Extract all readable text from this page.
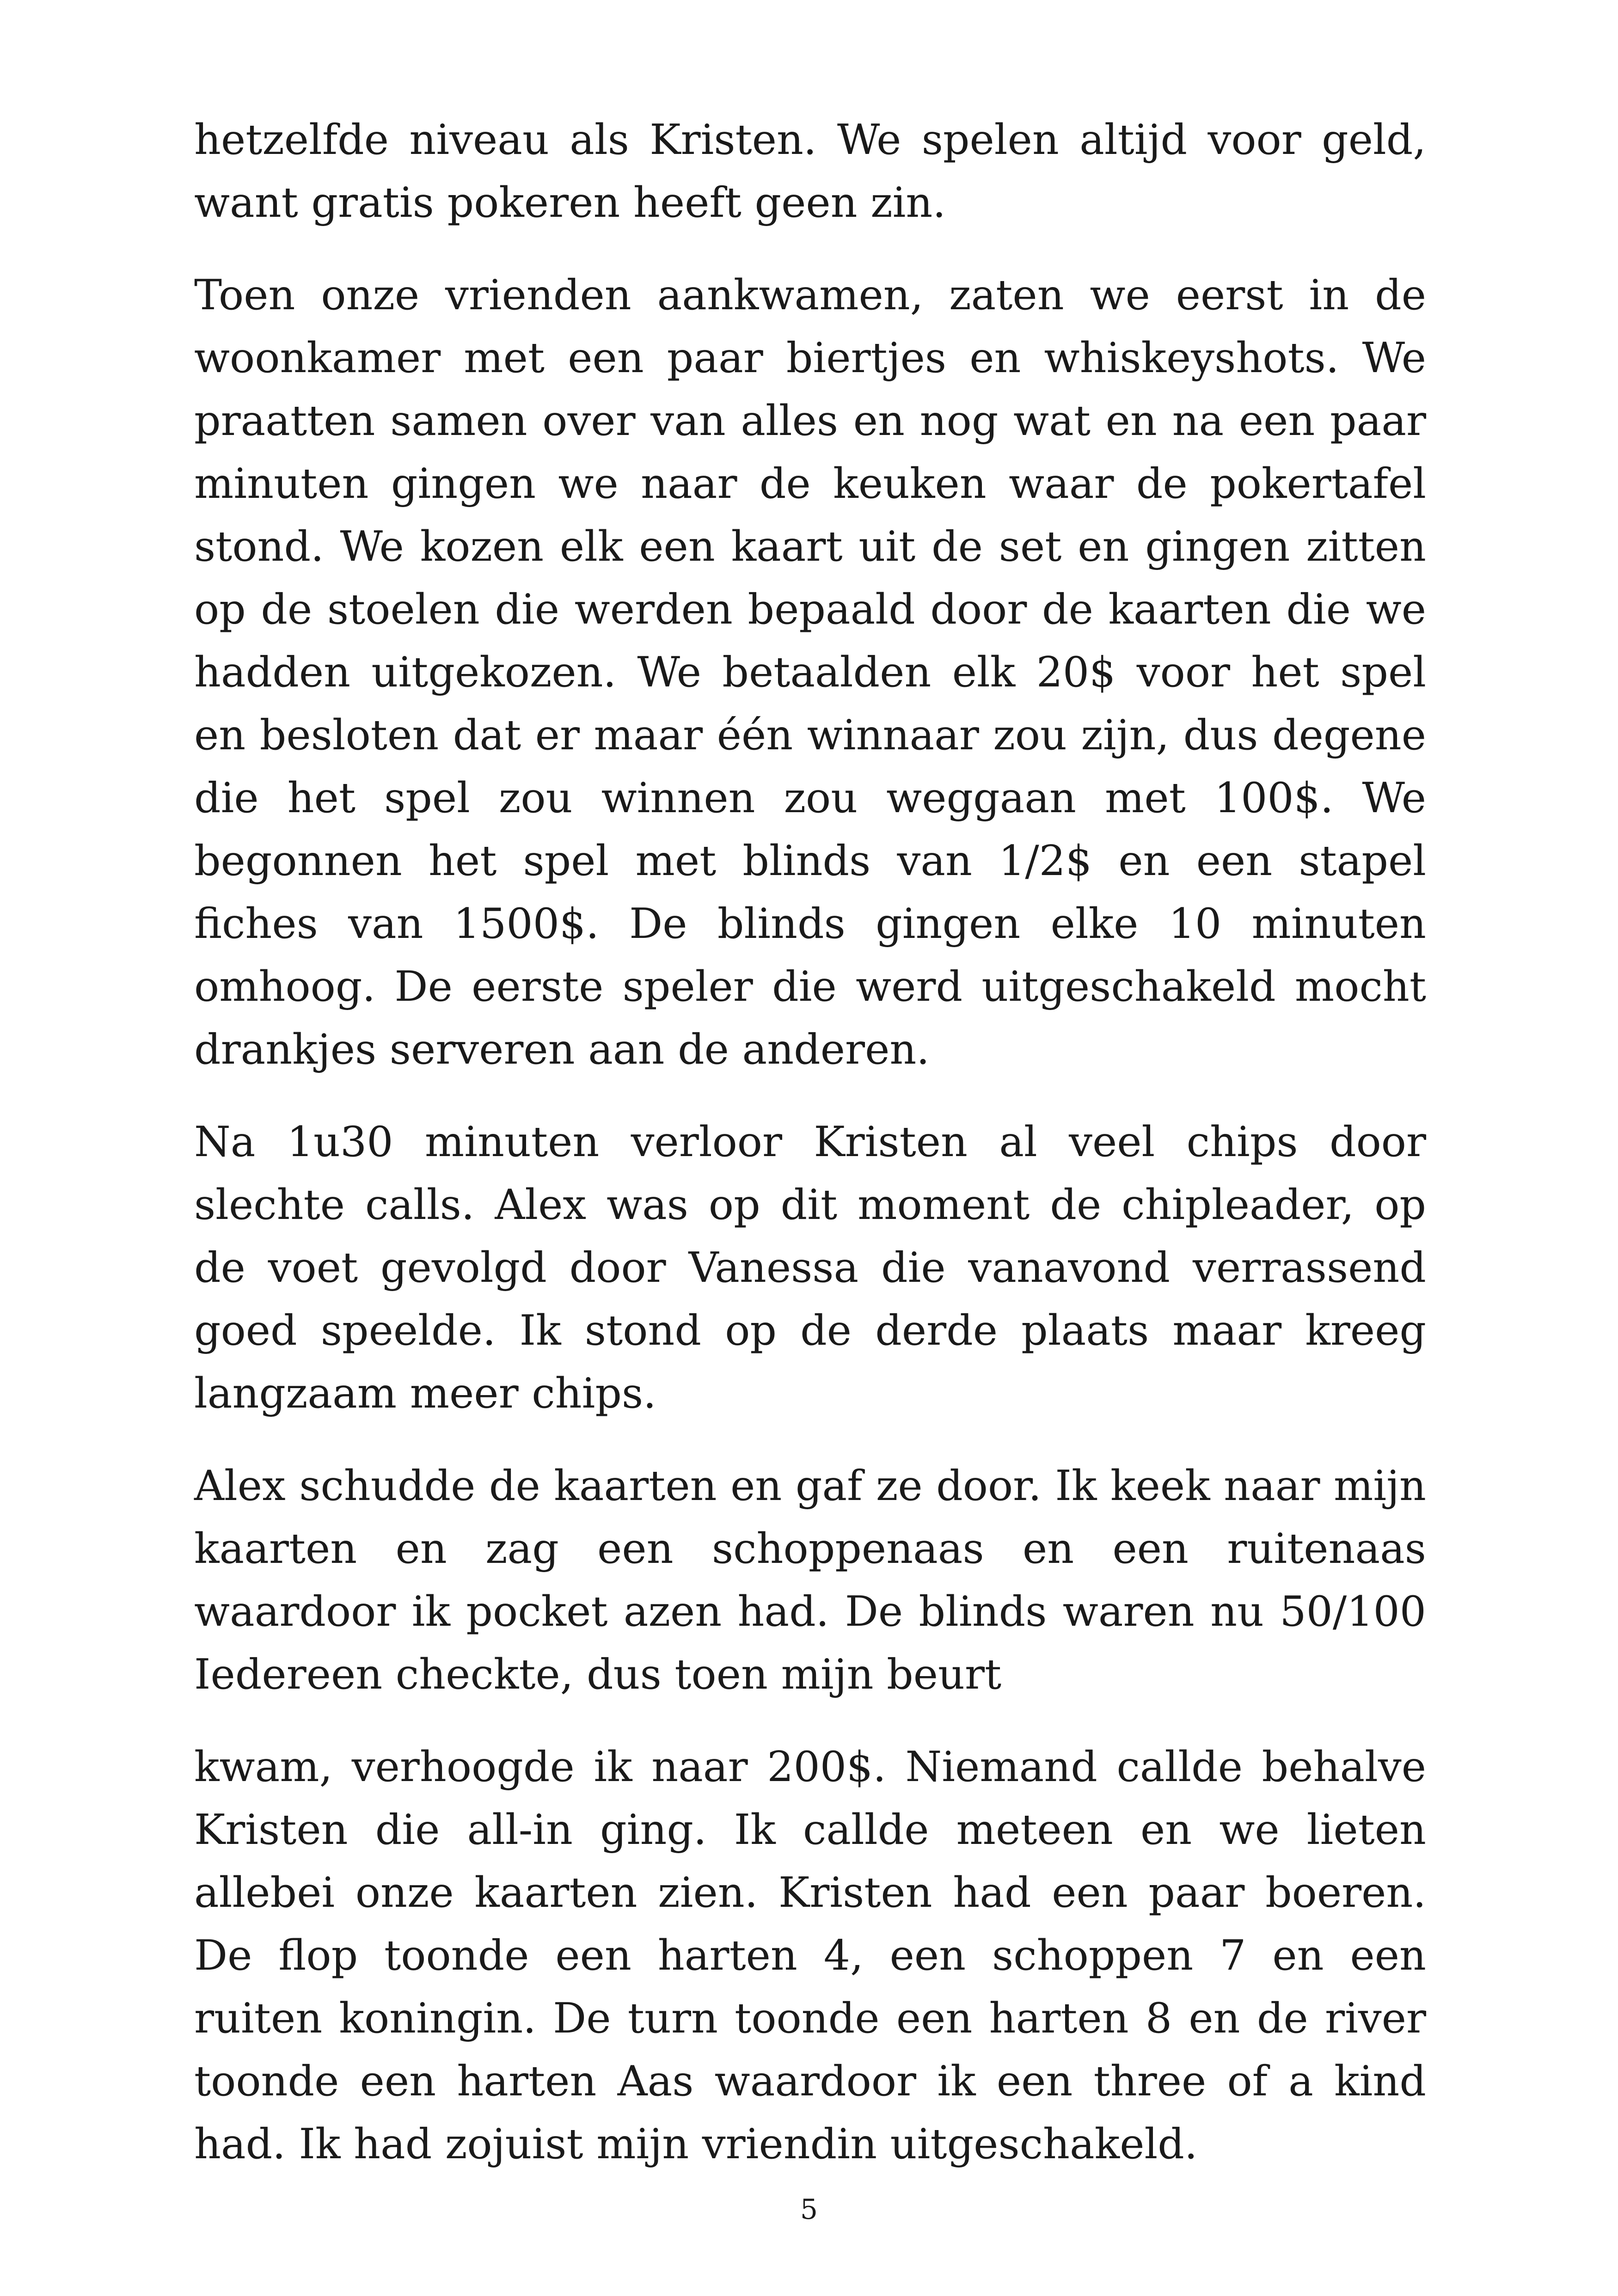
hetzelfde niveau als Kristen. We spelen altijd voor geld, want gratis pokeren heeft geen zin.

Toen onze vrienden aankwamen, zaten we eerst in de woonkamer met een paar biertjes en whiskeyshots. We praatten samen over van alles en nog wat en na een paar minuten gingen we naar de keuken waar de pokertafel stond. We kozen elk een kaart uit de set en gingen zitten op de stoelen die werden bepaald door de kaarten die we hadden uitgekozen. We betaalden elk 20$ voor het spel en besloten dat er maar één winnaar zou zijn, dus degene die het spel zou winnen zou weggaan met 100$. We begonnen het spel met blinds van 1/2$ en een stapel fiches van 1500$. De blinds gingen elke 10 minuten omhoog. De eerste speler die werd uitgeschakeld mocht drankjes serveren aan de anderen.

Na 1u30 minuten verloor Kristen al veel chips door slechte calls. Alex was op dit moment de chipleader, op de voet gevolgd door Vanessa die vanavond verrassend goed speelde. Ik stond op de derde plaats maar kreeg langzaam meer chips.

Alex schudde de kaarten en gaf ze door. Ik keek naar mijn kaarten en zag een schoppenaas en een ruitenaas waardoor ik pocket azen had. De blinds waren nu 50/100 Iedereen checkte, dus toen mijn beurt

kwam, verhoogde ik naar 200$. Niemand callde behalve Kristen die all-in ging. Ik callde meteen en we lieten allebei onze kaarten zien. Kristen had een paar boeren. De flop toonde een harten 4, een schoppen 7 en een ruiten koningin. De turn toonde een harten 8 en de river toonde een harten Aas waardoor ik een three of a kind had. Ik had zojuist mijn vriendin uitgeschakeld.

5
